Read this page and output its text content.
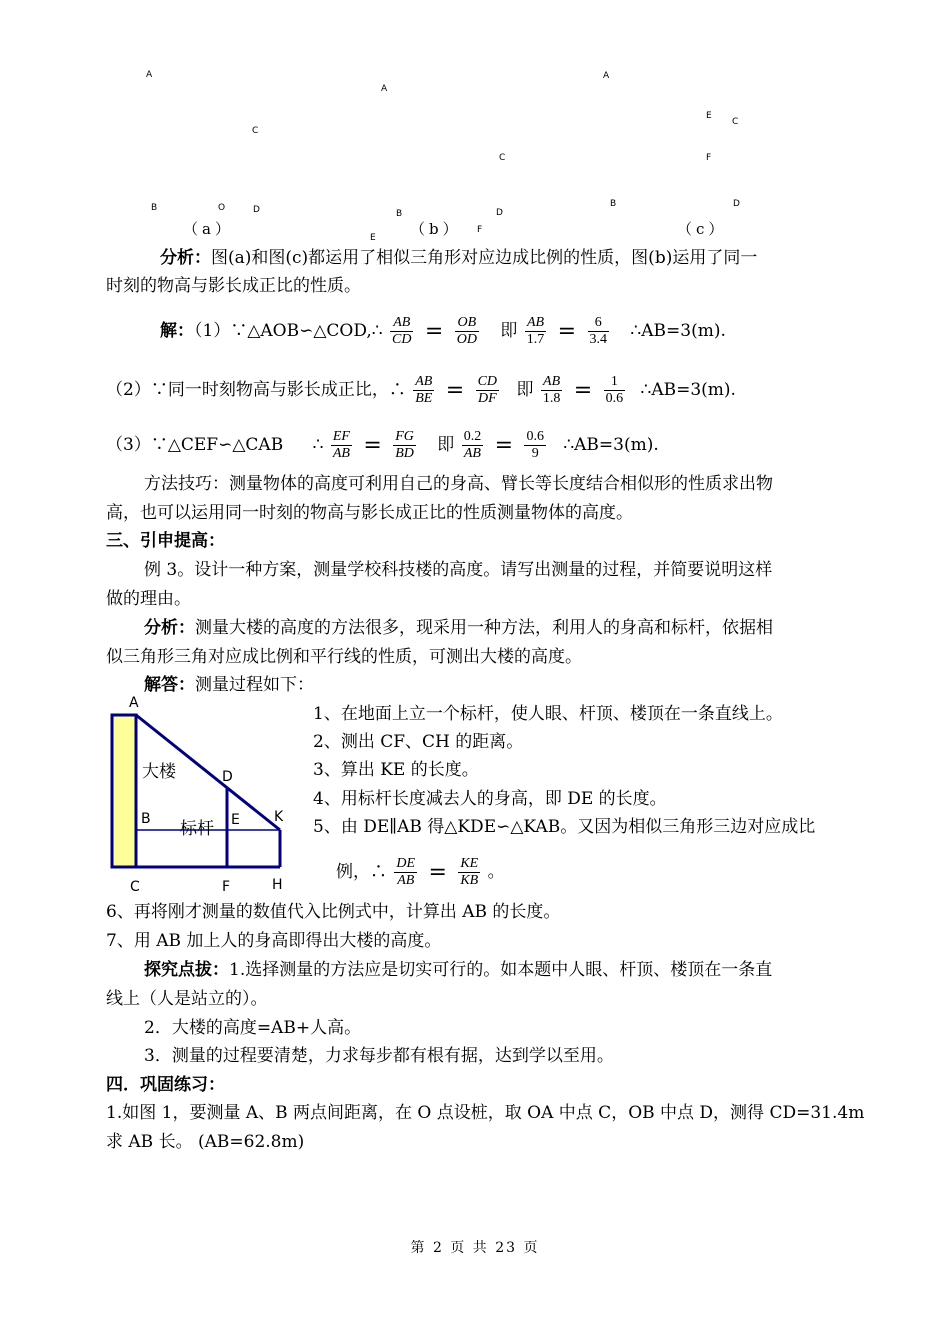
A
C
B	O	D
（a）
A
C
B	D
F
E （b）
A
E
C
F
B	D
（c）
分析：图(a)和图(c)都运用了相似三角形对应边成比例的性质，图(b)运用了同一
时刻的物高与影长成正比的性质。
解：（1）∵△AOB∽△COD,∴ $\frac{AB}{CD} = \frac{OB}{OD}$ 即 $\frac{AB}{1.7} = \frac{6}{3.4}$ ∴AB=3(m).
（2）∵同一时刻物高与影长成正比，∴ $\frac{AB}{BE} = \frac{CD}{DF}$ 即 $\frac{AB}{1.8} = \frac{1}{0.6}$ ∴AB=3(m).
（3）∵△CEF∽△CAB ∴ $\frac{EF}{AB} = \frac{FG}{BD}$ 即 $\frac{0.2}{AB} = \frac{0.6}{9}$ ∴AB=3(m).
方法技巧：测量物体的高度可利用自己的身高、臂长等长度结合相似形的性质求出物
高，也可以运用同一时刻的物高与影长成正比的性质测量物体的高度。
三、引申提高：
例 3。设计一种方案，测量学校科技楼的高度。请写出测量的过程，并简要说明这样
做的理由。
分析：测量大楼的高度的方法很多，现采用一种方法，利用人的身高和标杆，依据相
似三角形三角对应成比例和平行线的性质，可测出大楼的高度。
解答：测量过程如下：
A
D
B	E K
C	F	H
大楼
标杆
1、在地面上立一个标杆，使人眼、杆顶、楼顶在一条直线上。
2、测出 CF、CH 的距离。
3、算出 KE 的长度。
4、用标杆长度减去人的身高，即 DE 的长度。
5、由 DE∥AB 得△KDE∽△KAB。又因为相似三角形三边对应成比
例，∴ $\frac{DE}{AB} = \frac{KE}{KB}$ 。
6、再将刚才测量的数值代入比例式中，计算出 AB 的长度。
7、用 AB 加上人的身高即得出大楼的高度。
探究点拔：1.选择测量的方法应是切实可行的。如本题中人眼、杆顶、楼顶在一条直
线上（人是站立的）。
2．大楼的高度=AB+人高。
3．测量的过程要清楚，力求每步都有根有据，达到学以至用。
四．巩固练习：
1.如图 1，要测量 A、B 两点间距离，在 O 点设桩，取 OA 中点 C，OB 中点 D，测得 CD=31.4m
求 AB 长。 (AB=62.8m)
第 2 页 共 23 页
